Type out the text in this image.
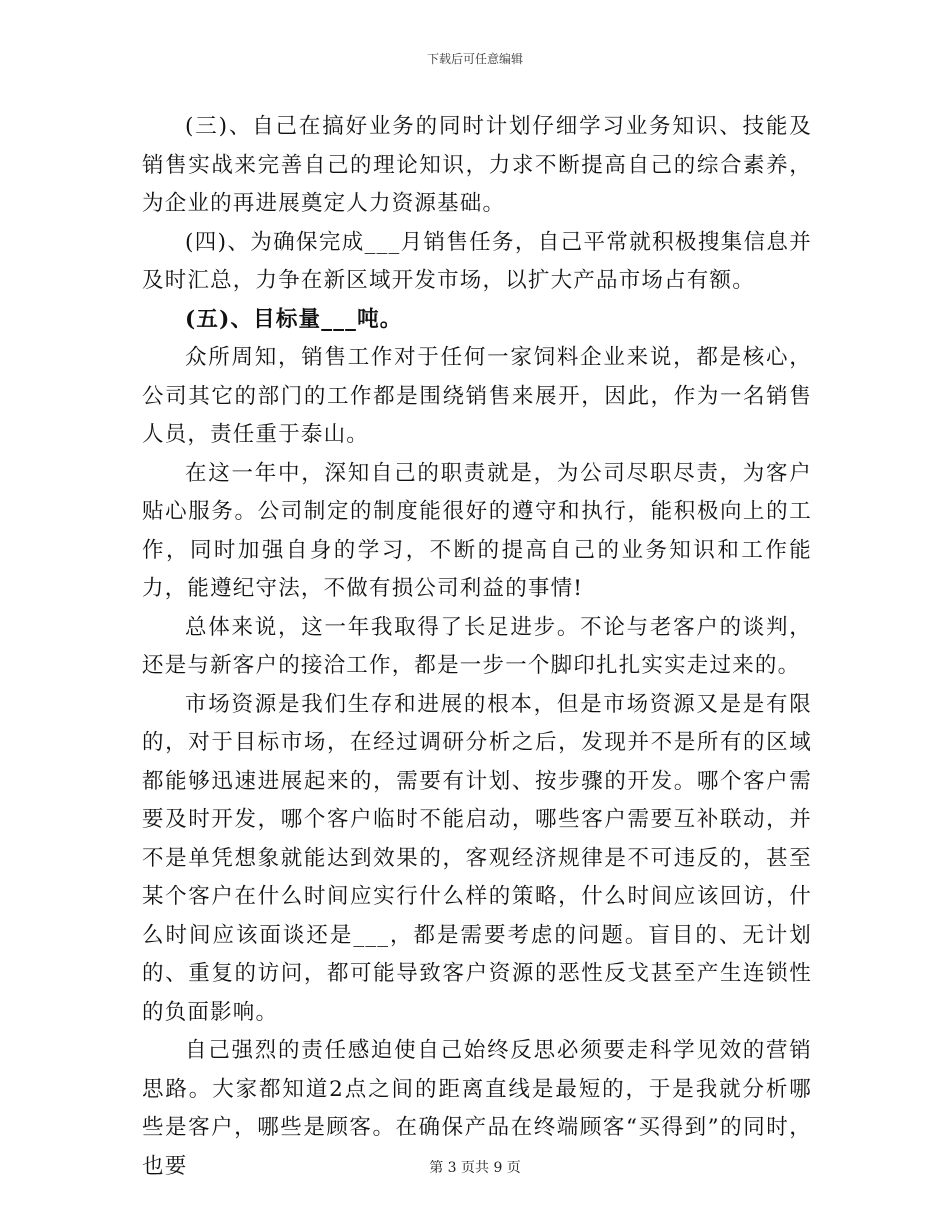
下载后可任意编辑

(三)、自己在搞好业务的同时计划仔细学习业务知识、技能及销售实战来完善自己的理论知识，力求不断提高自己的综合素养，为企业的再进展奠定人力资源基础。

(四)、为确保完成___月销售任务，自己平常就积极搜集信息并及时汇总，力争在新区域开发市场，以扩大产品市场占有额。

(五)、目标量___吨。

众所周知，销售工作对于任何一家饲料企业来说，都是核心，公司其它的部门的工作都是围绕销售来展开，因此，作为一名销售人员，责任重于泰山。

在这一年中，深知自己的职责就是，为公司尽职尽责，为客户贴心服务。公司制定的制度能很好的遵守和执行，能积极向上的工作，同时加强自身的学习，不断的提高自己的业务知识和工作能力，能遵纪守法，不做有损公司利益的事情!

总体来说，这一年我取得了长足进步。不论与老客户的谈判，还是与新客户的接洽工作，都是一步一个脚印扎扎实实走过来的。

市场资源是我们生存和进展的根本，但是市场资源又是是有限的，对于目标市场，在经过调研分析之后，发现并不是所有的区域都能够迅速进展起来的，需要有计划、按步骤的开发。哪个客户需要及时开发，哪个客户临时不能启动，哪些客户需要互补联动，并不是单凭想象就能达到效果的，客观经济规律是不可违反的，甚至某个客户在什么时间应实行什么样的策略，什么时间应该回访，什么时间应该面谈还是___，都是需要考虑的问题。盲目的、无计划的、重复的访问，都可能导致客户资源的恶性反戈甚至产生连锁性的负面影响。

自己强烈的责任感迫使自己始终反思必须要走科学见效的营销思路。大家都知道2点之间的距离直线是最短的，于是我就分析哪些是客户，哪些是顾客。在确保产品在终端顾客“买得到”的同时，也要	第 3 页共 9 页
